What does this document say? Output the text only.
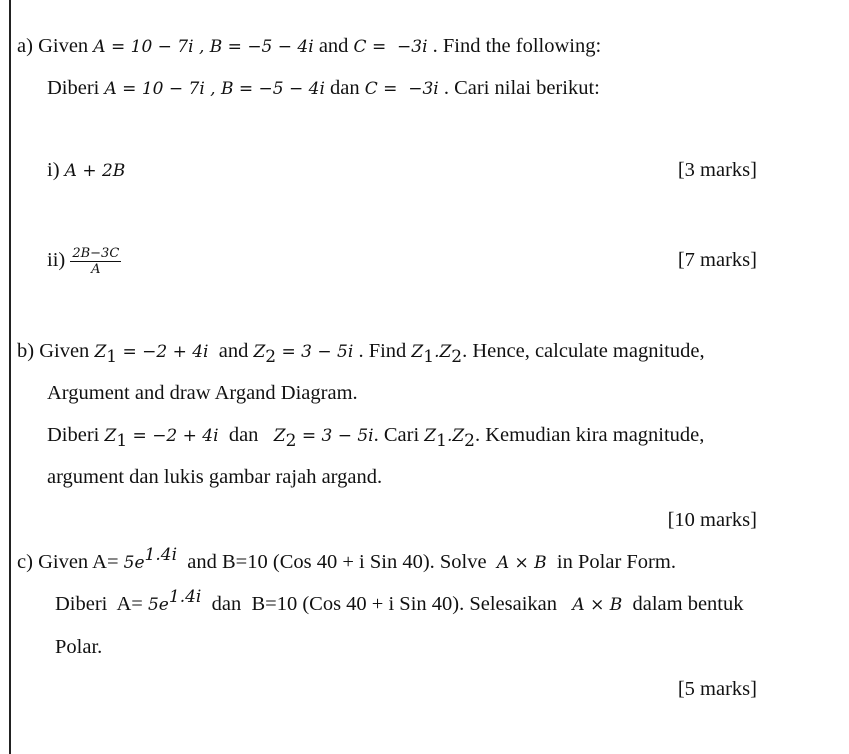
a) Given A = 10 − 7i , B = −5 − 4i and C =  −3i . Find the following:
Diberi A = 10 − 7i , B = −5 − 4i dan C =  −3i . Cari nilai berikut:
i) A + 2B	[3 marks]
$ii) \frac{2B-3C}{A}$	[7 marks]
b) Given $Z_1 = -2 + 4i$  and $Z_2 = 3 - 5i$ . Find $Z_1.Z_2$. Hence, calculate magnitude,
Argument and draw Argand Diagram.
Diberi $Z_1 = -2 + 4i$  dan   $Z_2 = 3 - 5i$. Cari $Z_1.Z_2$. Kemudian kira magnitude,
argument dan lukis gambar rajah argand.
[10 marks]
c) Given $A= 5e^{1.4i}$  and B=10 (Cos 40 + i Sin 40). Solve  A × B  in Polar Form.
Diberi  $A= 5e^{1.4i}$  dan  B=10 (Cos 40 + i Sin 40). Selesaikan   A × B  dalam bentuk
Polar.
[5 marks]
